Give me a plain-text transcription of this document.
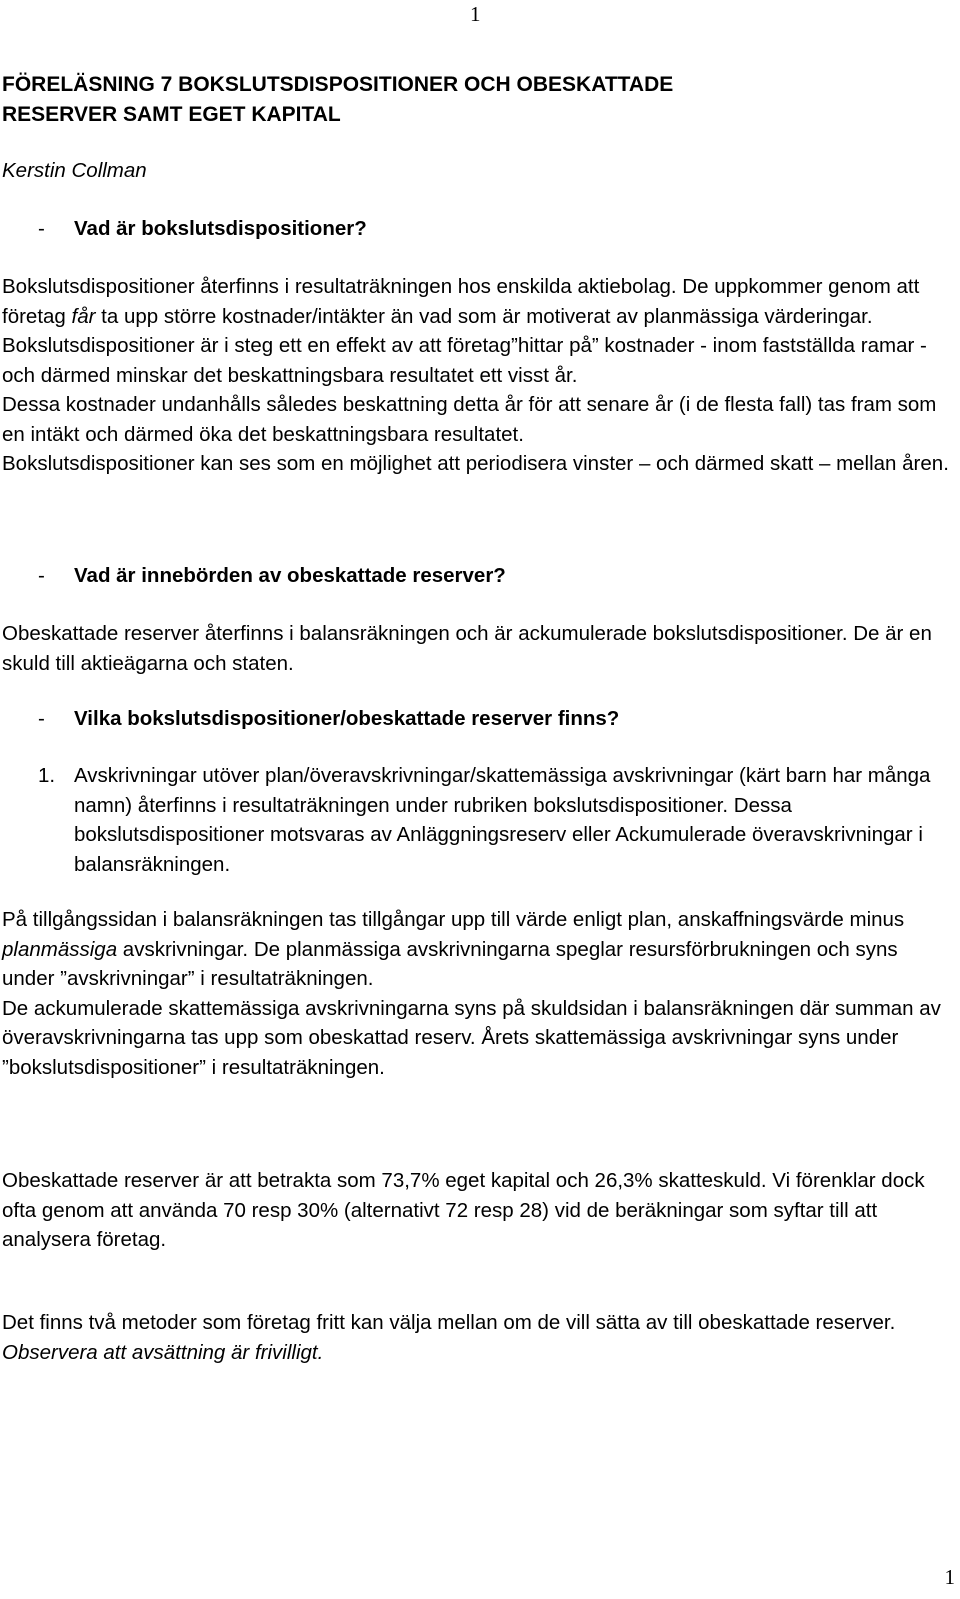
1
FÖRELÄSNING 7 BOKSLUTSDISPOSITIONER OCH OBESKATTADE
RESERVER SAMT EGET KAPITAL
Kerstin Collman
- Vad är bokslutsdispositioner?

Bokslutsdispositioner återfinns i resultaträkningen hos enskilda aktiebolag. De uppkommer genom att företag får ta upp större kostnader/intäkter än vad som är motiverat av planmässiga värderingar.

Bokslutsdispositioner är i steg ett en effekt av att företag”hittar på” kostnader - inom fastställda ramar - och därmed minskar det beskattningsbara resultatet ett visst år.

Dessa kostnader undanhålls således beskattning detta år för att senare år (i de flesta fall) tas fram som en intäkt och därmed öka det beskattningsbara resultatet.

Bokslutsdispositioner kan ses som en möjlighet att periodisera vinster – och därmed skatt – mellan åren.

- Vad är innebörden av obeskattade reserver?
Obeskattade reserver återfinns i balansräkningen och är ackumulerade bokslutsdispositioner. De är en skuld till aktieägarna och staten.
- Vilka bokslutsdispositioner/obeskattade reserver finns?
1. Avskrivningar utöver plan/överavskrivningar/skattemässiga avskrivningar (kärt barn har många namn) återfinns i resultaträkningen under rubriken bokslutsdispositioner. Dessa bokslutsdispositioner motsvaras av Anläggningsreserv eller Ackumulerade överavskrivningar i balansräkningen.

På tillgångssidan i balansräkningen tas tillgångar upp till värde enligt plan, anskaffningsvärde minus planmässiga avskrivningar. De planmässiga avskrivningarna speglar resursförbrukningen och syns under ”avskrivningar” i resultaträkningen.

De ackumulerade skattemässiga avskrivningarna syns på skuldsidan i balansräkningen där summan av överavskrivningarna tas upp som obeskattad reserv. Årets skattemässiga avskrivningar syns under ”bokslutsdispositioner” i resultaträkningen.

Obeskattade reserver är att betrakta som 73,7% eget kapital och 26,3% skatteskuld. Vi förenklar dock ofta genom att använda 70 resp 30% (alternativt 72 resp 28) vid de beräkningar som syftar till att analysera företag.
Det finns två metoder som företag fritt kan välja mellan om de vill sätta av till obeskattade reserver. Observera att avsättning är frivilligt.
1
